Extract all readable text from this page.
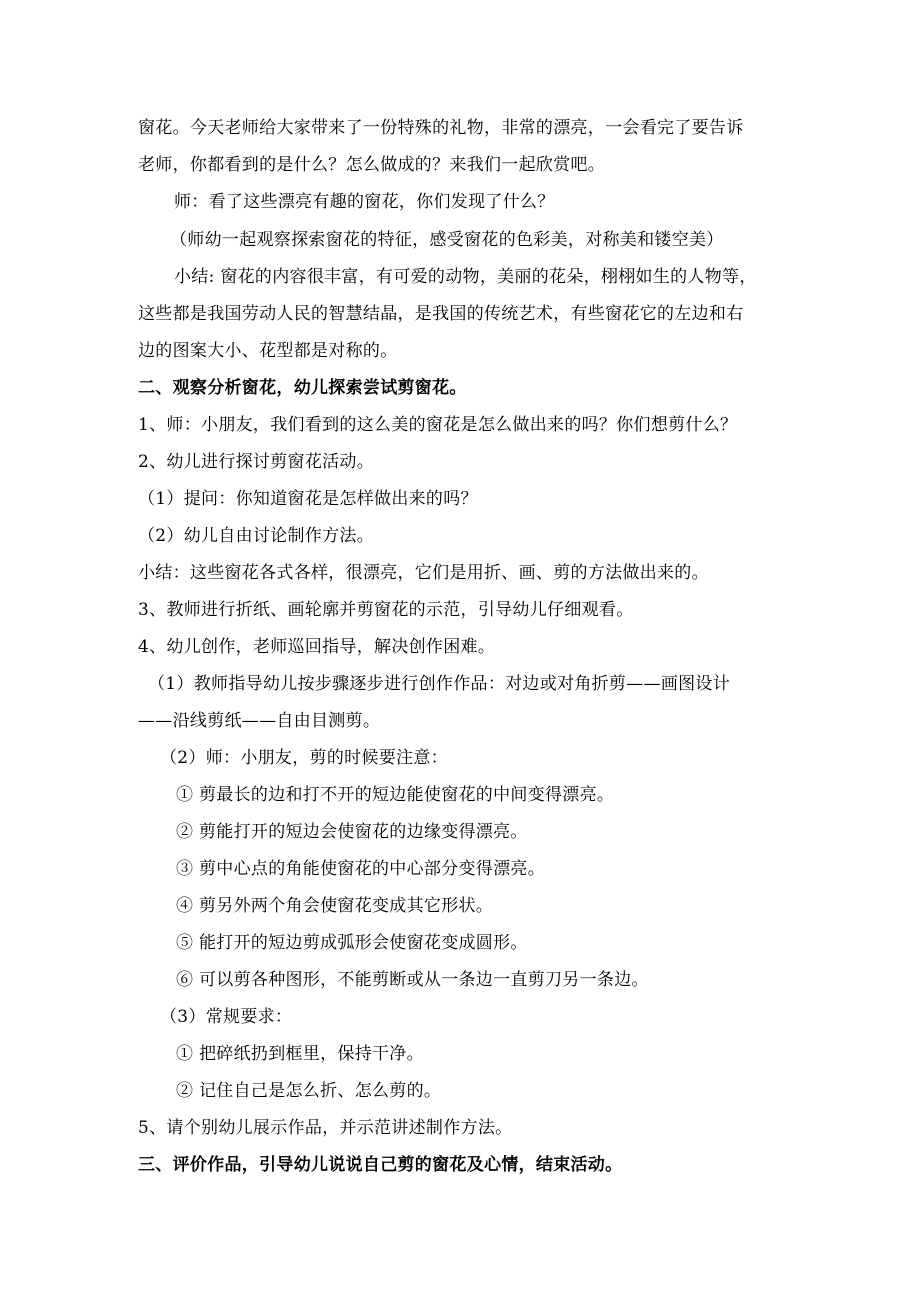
窗花。今天老师给大家带来了一份特殊的礼物，非常的漂亮，一会看完了要告诉
老师，你都看到的是什么？怎么做成的？来我们一起欣赏吧。
师：看了这些漂亮有趣的窗花，你们发现了什么？
（师幼一起观察探索窗花的特征，感受窗花的色彩美，对称美和镂空美）
小结: 窗花的内容很丰富，有可爱的动物，美丽的花朵，栩栩如生的人物等，
这些都是我国劳动人民的智慧结晶，是我国的传统艺术，有些窗花它的左边和右
边的图案大小、花型都是对称的。
二、观察分析窗花，幼儿探索尝试剪窗花。
1、师：小朋友，我们看到的这么美的窗花是怎么做出来的吗？你们想剪什么？
2、幼儿进行探讨剪窗花活动。
（1）提问：你知道窗花是怎样做出来的吗？
（2）幼儿自由讨论制作方法。
小结：这些窗花各式各样，很漂亮，它们是用折、画、剪的方法做出来的。
3、教师进行折纸、画轮廓并剪窗花的示范，引导幼儿仔细观看。
4、幼儿创作，老师巡回指导，解决创作困难。
（1）教师指导幼儿按步骤逐步进行创作作品：对边或对角折剪——画图设计
——沿线剪纸——自由目测剪。
（2）师：小朋友，剪的时候要注意：
① 剪最长的边和打不开的短边能使窗花的中间变得漂亮。
② 剪能打开的短边会使窗花的边缘变得漂亮。
③ 剪中心点的角能使窗花的中心部分变得漂亮。
④ 剪另外两个角会使窗花变成其它形状。
⑤ 能打开的短边剪成弧形会使窗花变成圆形。
⑥ 可以剪各种图形，不能剪断或从一条边一直剪刀另一条边。
（3）常规要求：
① 把碎纸扔到框里，保持干净。
② 记住自己是怎么折、怎么剪的。
5、请个别幼儿展示作品，并示范讲述制作方法。
三、评价作品，引导幼儿说说自己剪的窗花及心情，结束活动。
